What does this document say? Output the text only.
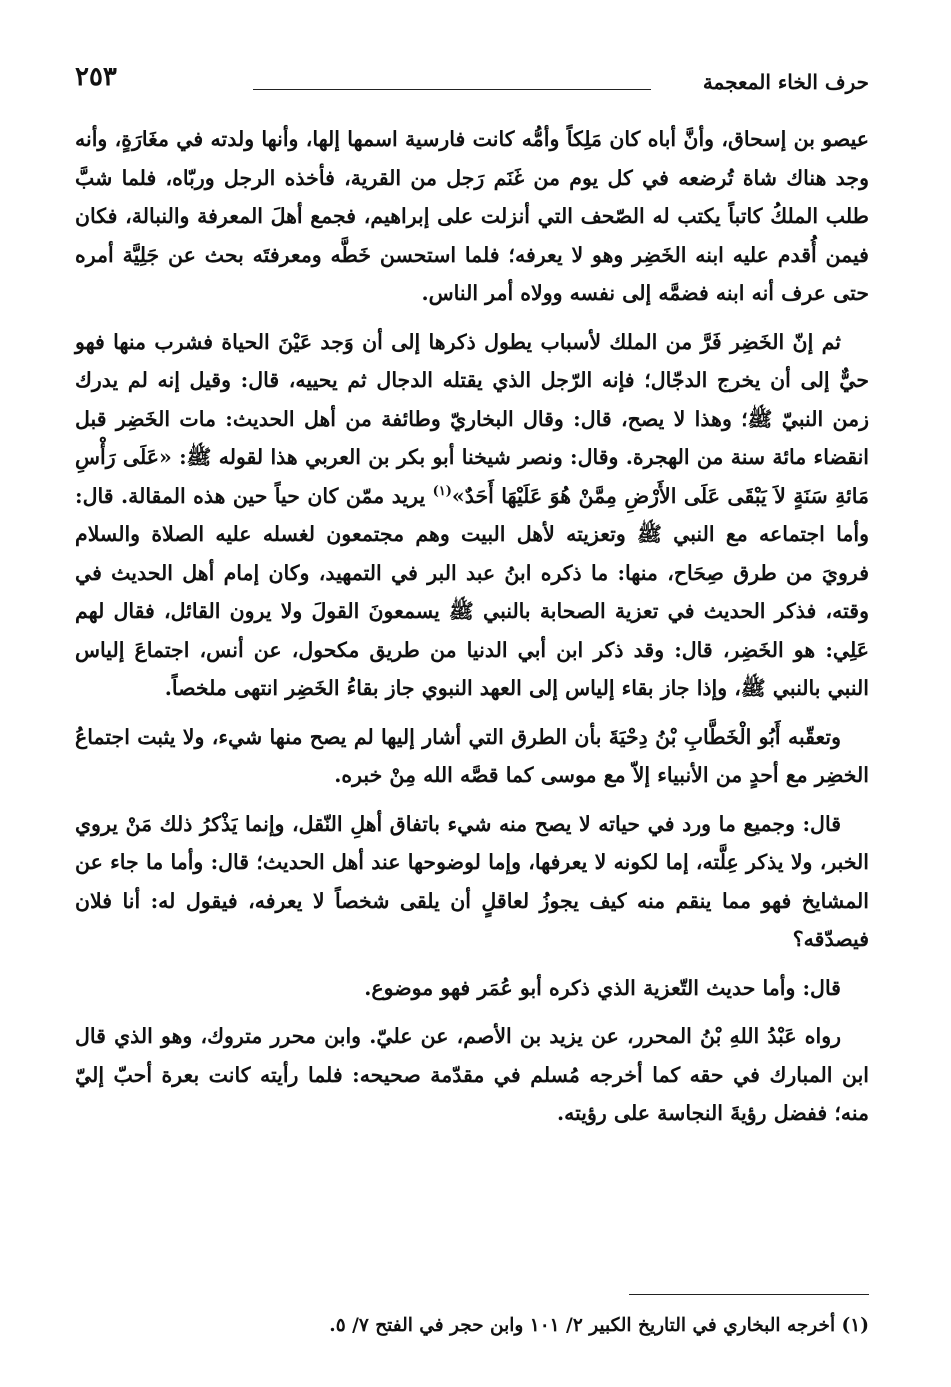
حرف الخاء المعجمة
٢٥٣

عيصو بن إسحاق، وأنَّ أباه كان مَلِكاً وأمُّه كانت فارسية اسمها إلها، وأنها ولدته في مغَارَةٍ، وأنه وجد هناك شاة تُرضعه في كل يوم من غَنَم رَجل من القرية، فأخذه الرجل وربّاه، فلما شبَّ طلب الملكُ كاتباً يكتب له الصّحف التي أنزلت على إبراهيم، فجمع أهلَ المعرفة والنبالة، فكان فيمن أُقدم عليه ابنه الخَضِر وهو لا يعرفه؛ فلما استحسن خَطَّه ومعرفتَه بحث عن جَلِيَّة أمره حتى عرف أنه ابنه فضمَّه إلى نفسه وولاه أمر الناس.

ثم إنّ الخَضِر فَرَّ من الملك لأسباب يطول ذكرها إلى أن وَجد عَيْنَ الحياة فشرب منها فهو حيٌّ إلى أن يخرج الدجّال؛ فإنه الرّجل الذي يقتله الدجال ثم يحييه، قال: وقيل إنه لم يدرك زمن النبيّ ﷺ؛ وهذا لا يصح، قال: وقال البخاريّ وطائفة من أهل الحديث: مات الخَضِر قبل انقضاء مائة سنة من الهجرة. وقال: ونصر شيخنا أبو بكر بن العربي هذا لقوله ﷺ: «عَلَى رَأْسِ مَائةِ سَنَةٍ لاَ يَبْقَى عَلَى الأَرْضِ مِمَّنْ هُوَ عَلَيْهَا أَحَدٌ»$^{(١)}$ يريد ممّن كان حياً حين هذه المقالة. قال: وأما اجتماعه مع النبي ﷺ وتعزيته لأهل البيت وهم مجتمعون لغسله عليه الصلاة والسلام فرويَ من طرق صِحَاح، منها: ما ذكره ابنُ عبد البر في التمهيد، وكان إمام أهل الحديث في وقته، فذكر الحديث في تعزية الصحابة بالنبي ﷺ يسمعونَ القولَ ولا يرون القائل، فقال لهم عَلِي: هو الخَضِر، قال: وقد ذكر ابن أبي الدنيا من طريق مكحول، عن أنس، اجتماعَ إلياس النبي بالنبي ﷺ، وإذا جاز بقاء إلياس إلى العهد النبوي جاز بقاءُ الخَضِر انتهى ملخصاً.

وتعقّبه أَبُو الْخَطَّابِ بْنُ دِحْيَةَ بأن الطرق التي أشار إليها لم يصح منها شيء، ولا يثبت اجتماعُ الخضِر مع أحدٍ من الأنبياء إلاّ مع موسى كما قصَّه الله مِنْ خبره.

قال: وجميع ما ورد في حياته لا يصح منه شيء باتفاق أهلِ النّقل، وإنما يَذْكرُ ذلك مَنْ يروي الخبر، ولا يذكر عِلَّته، إما لكونه لا يعرفها، وإما لوضوحها عند أهل الحديث؛ قال: وأما ما جاء عن المشايخ فهو مما ينقم منه كيف يجوزُ لعاقلٍ أن يلقى شخصاً لا يعرفه، فيقول له: أنا فلان فيصدّقه؟

قال: وأما حديث التّعزية الذي ذكره أبو عُمَر فهو موضوع.

رواه عَبْدُ اللهِ بْنُ المحرر، عن يزيد بن الأصم، عن عليّ. وابن محرر متروك، وهو الذي قال ابن المبارك في حقه كما أخرجه مُسلم في مقدّمة صحيحه: فلما رأيته كانت بعرة أحبّ إليّ منه؛ ففضل رؤيةَ النجاسة على رؤيته.

(١) أخرجه البخاري في التاريخ الكبير ٢/ ١٠١ وابن حجر في الفتح ٧/ ٥.
